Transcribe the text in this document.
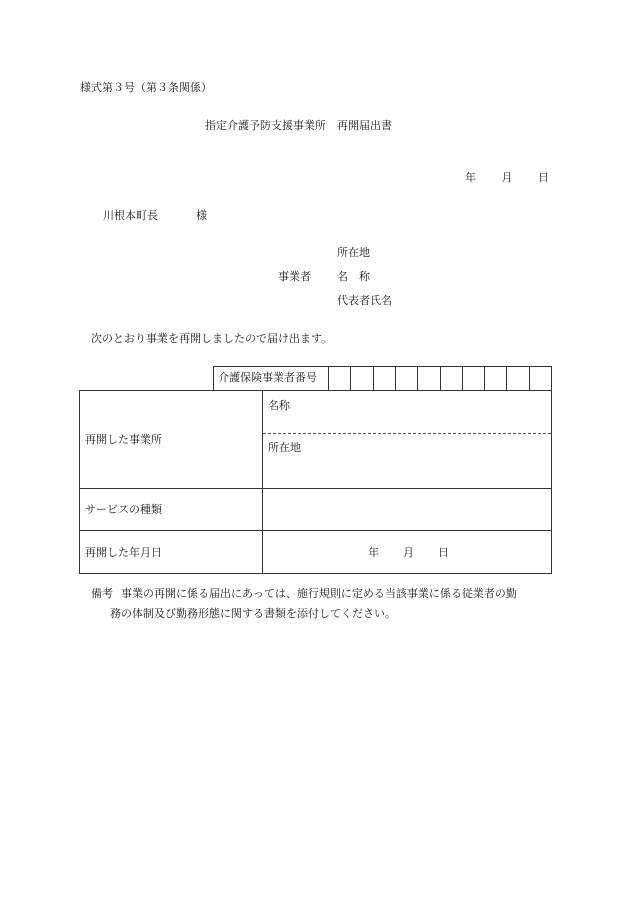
様式第３号（第３条関係）
指定介護予防支援事業所　再開届出書
年 月 日
川根本町長	様
所在地
事業者 名　称
代表者氏名
次のとおり事業を再開しましたので届け出ます。
介護保険事業者番号
再開した事業所
名称
所在地
サービスの種類
再開した年月日	年 月 日
備考 事業の再開に係る届出にあっては、施行規則に定める当該事業に係る従業者の勤
務の体制及び勤務形態に関する書類を添付してください。
